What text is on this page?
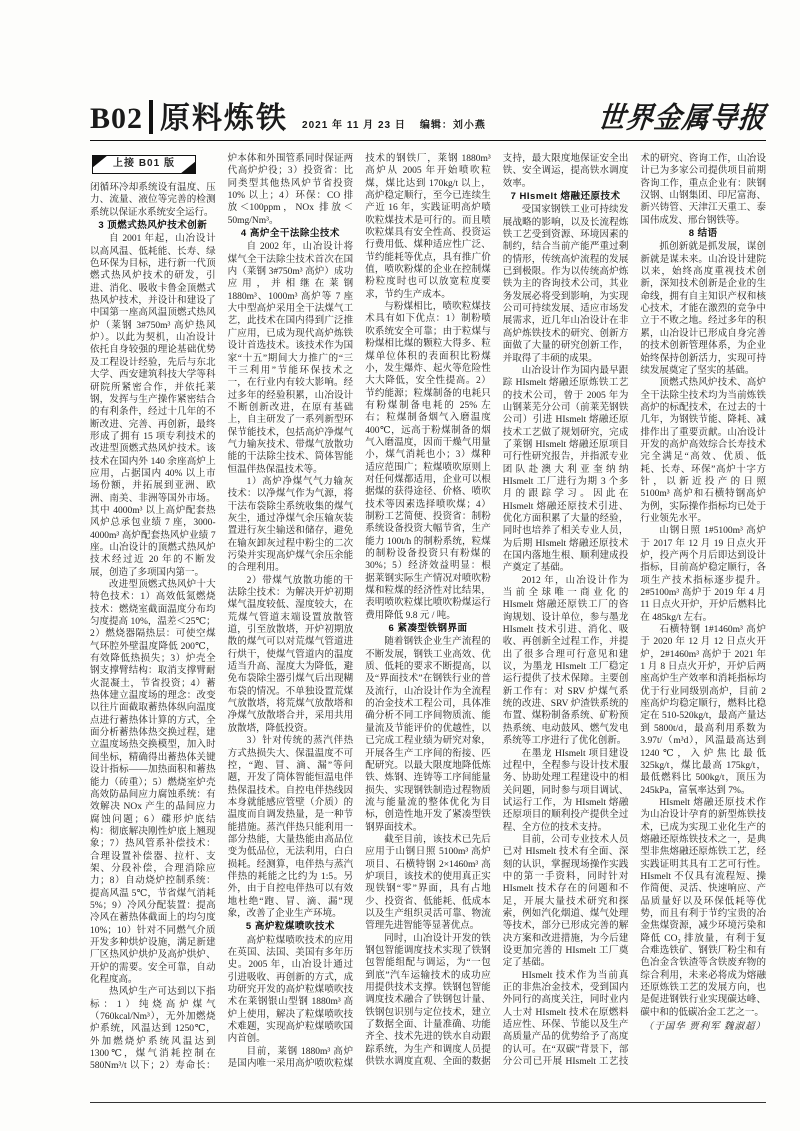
B02 原料炼铁 2021 年 11 月 23 日 编辑：刘小燕	世界金属导报
上接 B01 版

闭循环冷却系统设有温度、压力、流量、液位等完善的检测系统以保证水系统安全运行。

3 顶燃式热风炉技术创新

自 2001 年起，山冶设计以高风温、低耗能、长寿、绿色环保为目标，进行新一代顶燃式热风炉技术的研发，引进、消化、吸收卡鲁金顶燃式热风炉技术，并设计和建设了中国第一座高风温顶燃式热风炉（莱钢 3#750m³ 高炉热风炉）。以此为契机，山冶设计依托自身较强的理论基础优势及工程设计经验，先后与东北大学、西安建筑科技大学等科研院所紧密合作，并依托莱钢，发挥与生产操作紧密结合的有利条件，经过十几年的不断改进、完善、再创新，最终形成了拥有 15 项专利技术的改进型顶燃式热风炉技术。该技术在国内外 140 余座高炉上应用，占据国内 40% 以上市场份额，并拓展到亚洲、欧洲、南美、非洲等国外市场。其中 4000m³ 以上高炉配套热风炉总承包业绩 7 座，3000-4000m³ 高炉配套热风炉业绩 7 座。山冶设计的顶燃式热风炉技术经过近 20 年的不断发展，创造了多项国内第一。

改进型顶燃式热风炉十大特色技术：1）高效低氮燃烧技术：燃烧室截面温度分布均匀度提高 10%，温差＜25℃；2）燃烧器隔热层：可使空煤气环腔外壁温度降低 200℃，有效降低热损失；3）炉壳全钢支撑臂结构：取消支撑臂耐火混凝土，节省投资；4）蓄热体建立温度场的理念：改变以往片面截取蓄热体纵向温度点进行蓄热体计算的方式，全面分析蓄热体热交换过程，建立温度场热交换模型，加入时间坐标，精确得出蓄热体关键设计指标——加热面积和蓄热能力（砖重）；5）燃烧室炉壳高效防晶间应力腐蚀系统：有效解决 NOx 产生的晶间应力腐蚀问题；6）碟形炉底结构：彻底解决刚性炉底上翘现象；7）热风管系补偿技术：合理设置补偿器、拉杆、支架、分段补偿，合理消除应力；8）自动烧炉控制系统：提高风温 5℃，节省煤气消耗 5%；9）冷风分配装置：提高冷风在蓄热体截面上的均匀度 10%；10）针对不同燃气介质开发多种烘炉设施，满足新建厂区热风炉烘炉及高炉烘炉、开炉的需要。安全可靠，自动化程度高。

热风炉生产可达到以下指标：1）纯烧高炉煤气（760kcal/Nm³），无外加燃烧炉系统，风温达到 1250℃，外加燃烧炉系统风温达到 1300℃，煤气消耗控制在 580Nm³/t 以下；2）寿命长：炉本体和外围管系同时保证两代高炉炉役；3）投资省：比同类型其他热风炉节省投资 10% 以上；4）环保：CO 排放＜100ppm，NOx 排放＜50mg/Nm³。

4 高炉全干法除尘技术

自 2002 年，山冶设计将煤气全干法除尘技术首次在国内（莱钢 3#750m³ 高炉）成功应用，并相继在莱钢 1880m³、1000m³ 高炉等 7 座大中型高炉采用全干法煤气工艺，此技术在国内得到广泛推广应用，已成为现代高炉炼铁设计首选技术。该技术作为国家“十五”期间大力推广的“三干三利用”节能环保技术之一，在行业内有较大影响。经过多年的经验积累，山冶设计不断创新改进，在原有基础上，自主研发了一系列新型环保节能技术，包括高炉净煤气气力输灰技术、带煤气放散功能的干法除尘技术、筒体智能恒温伴热保温技术等。

1）高炉净煤气气力输灰技术：以净煤气作为气源，将干法布袋除尘系统收集的煤气灰尘，通过净煤气余压输灰装置进行灰尘输送和储存，避免在输灰卸灰过程中粉尘的二次污染并实现高炉煤气余压余能的合理利用。

2）带煤气放散功能的干法除尘技术：为解决开炉初期煤气温度较低、湿度较大，在荒煤气管道末端设置放散管道，引至放散塔，开炉初期放散的煤气可以对荒煤气管道进行烘干，使煤气管道内的温度适当升高、湿度大为降低，避免布袋除尘器引煤气后出现糊布袋的情况。不单独设置荒煤气放散塔，将荒煤气放散塔和净煤气放散塔合并，采用共用放散塔，降低投资。

3）针对传统的蒸汽伴热方式热损失大、保温温度不可控，“跑、冒、滴、漏”等问题，开发了筒体智能恒温电伴热保温技术。自控电伴热线因本身就能感应管壁（介质）的温度而自调发热量，是一种节能措施。蒸汽伴热只能利用一部分热能，大量热能由高品位变为低品位，无法利用，白白损耗。经测算，电伴热与蒸汽伴热的耗能之比约为 1:5。另外，由于自控电伴热可以有效地杜绝“跑、冒、滴、漏”现象，改善了企业生产环境。

5 高炉粒煤喷吹技术

高炉粒煤喷吹技术的应用在英国、法国、美国有多年历史。2005 年，山冶设计通过引进吸收、再创新的方式，成功研究开发的高炉粒煤喷吹技术在莱钢银山型钢 1880m³ 高炉上使用，解决了粒煤喷吹技术难题，实现高炉粒煤喷吹国内首创。

目前，莱钢 1880m³ 高炉是国内唯一采用高炉喷吹粒煤技术的钢铁厂，莱钢 1880m³ 高炉从 2005 年开始喷吹粒煤，煤比达到 170kg/t 以上，高炉稳定顺行，至今已连续生产近 16 年，实践证明高炉喷吹粒煤技术是可行的。而且喷吹粒煤具有安全性高、投资运行费用低、煤种适应性广泛、节约能耗等优点，具有推广价值，喷吹粉煤的企业在控制煤粉粒度时也可以放宽粒度要求，节约生产成本。

与粉煤相比，喷吹粒煤技术具有如下优点：1）制粉喷吹系统安全可靠；由于粒煤与粉煤相比煤的颗粒大得多、粒煤单位体积的表面积比粉煤小，发生爆炸、起火等危险性大大降低，安全性提高。2）节约能源；粒煤制备的电耗只有粉煤制备电耗的 25% 左右；粒煤制备烟气入磨温度 400℃，远高于粉煤制备的烟气入磨温度，因而干燥气用量小，煤气消耗也小；3）煤种适应范围广；粒煤喷吹原则上对任何煤都适用，企业可以根据煤的获得途径、价格、喷吹技术等因素选择喷吹煤；4）制粉工艺简便、投资省：制粉系统设备投资大幅节省，生产能力 100t/h 的制粉系统，粒煤的制粉设备投资只有粉煤的 30%；5）经济效益明显：根据莱钢实际生产情况对喷吹粉煤和粒煤的经济性对比结果，表明喷吹粒煤比喷吹粉煤运行费用降低 9.8 元 / 吨。

6 紧凑型铁钢界面

随着钢铁企业生产流程的不断发展，钢铁工业高效、优质、低耗的要求不断提高，以及“界面技术”在钢铁行业的普及流行，山冶设计作为全流程的冶金技术工程公司，具体准确分析不同工序间物质流、能量流及节能评价的优越性，以已完成工程业绩为研究对象，开展各生产工序间的衔接、匹配研究。以最大限度地降低炼铁、炼钢、连铸等工序间能量损失、实现钢铁制造过程物质流与能量流的整体优化为目标，创造性地开发了紧凑型铁钢界面技术。

截至目前，该技术已先后应用于山钢日照 5100m³ 高炉项目、石横特钢 2×1460m³ 高炉项目，该技术的使用真正实现铁钢“零”界面，具有占地少、投资省、低能耗、低成本以及生产组织灵活可靠、物流管理先进智能等显著优点。

同时，山冶设计开发的铁钢包智能调度技术实现了铁钢包智能组配与调运，为“一包到底”汽车运输技术的成功应用提供技术支撑。铁钢包智能调度技术融合了铁钢包计量、铁钢包识别与定位技术，建立了数据全面、计量准确、功能齐全、技术先进的铁水自动跟踪系统，为生产和调度人员提供铁水调度直观、全面的数据支持，最大限度地保证安全出铁、安全调运，提高铁水调度效率。

7 HIsmelt 熔融还原技术

受国家钢铁工业可持续发展战略的影响，以及长流程炼铁工艺受到资源、环境因素的制约，结合当前产能严重过剩的情形，传统高炉流程的发展已到极限。作为以传统高炉炼铁为主的咨询技术公司，其业务发展必将受到影响，为实现公司可持续发展、适应市场发展需求，近几年山冶设计在非高炉炼铁技术的研究、创新方面做了大量的研究创新工作，并取得了丰硕的成果。

山冶设计作为国内最早跟踪 HIsmelt 熔融还原炼铁工艺的技术公司，曾于 2005 年为山钢莱芜分公司（前莱芜钢铁公司）引进 HIsmelt 熔融还原技术工艺做了规划研究，完成了莱钢 HIsmelt 熔融还原项目可行性研究报告，并指派专业团队赴澳大利亚奎纳纳 HIsmelt 工厂进行为期 3 个多月的跟踪学习。因此在 HIsmelt 熔融还原技术引进、优化方面积累了大量的经验，同时也培养了相关专业人员，为后期 HIsmelt 熔融还原技术在国内落地生根、顺利建成投产奠定了基础。

2012 年，山冶设计作为当前全球唯一商业化的 HIsmelt 熔融还原铁工厂的咨询规划、设计单位，参与墨龙 HIsmelt 技术引进、消化、吸收、再创新全过程工作，并提出了很多合理可行意见和建议，为墨龙 HIsmelt 工厂稳定运行提供了技术保障。主要创新工作有：对 SRV 炉煤气系统的改进、SRV 炉渣铁系统的布置、煤粉制备系统、矿粉预热系统、电动鼓风、燃气发电系统等工序进行了优化创新。

在墨龙 HIsmelt 项目建设过程中，全程参与设计技术服务、协助处理工程建设中的相关问题，同时参与项目调试、试运行工作，为 HIsmelt 熔融还原项目的顺利投产提供全过程、全方位的技术支持。

目前，公司专业技术人员已对 HIsmelt 技术有全面、深刻的认识，掌握现场操作实践中的第一手资料，同时针对 HIsmelt 技术存在的问题和不足，开展大量技术研究和探索，例如汽化烟道、煤气处理等技术，部分已形成完善的解决方案和改进措施，为今后建设更加完善的 HIsmelt 工厂奠定了基础。

HIsmelt 技术作为当前真正的非焦冶金技术，受到国内外同行的高度关注，同时业内人士对 HIsmelt 技术在原燃料适应性、环保、节能以及生产高质量产品的优势给予了高度的认可。在“双碳”背景下，部分公司已开展 HIsmelt 工艺技术的研究、咨询工作，山冶设计已为多家公司提供项目前期咨询工作，重点企业有：陕钢汉钢、山钢集团、印尼富海、新兴铸管、天津江天重工、泰国伟成发、邢台钢铁等。

8 结语

抓创新就是抓发展，谋创新就是谋未来。山冶设计建院以来，始终高度重视技术创新，深知技术创新是企业的生命线，拥有自主知识产权和核心技术，才能在激烈的竞争中立于不败之地。经过多年的积累，山冶设计已形成自身完善的技术创新管理体系，为企业始终保持创新活力，实现可持续发展奠定了坚实的基础。

顶燃式热风炉技术、高炉全干法除尘技术均为当前炼铁高炉的标配技术，在过去的十几年，为钢铁节能、降耗、减排作出了重要贡献。山冶设计开发的高炉高效综合长寿技术完全满足“高效、优质、低耗、长寿、环保”高炉十字方针，以新近投产的日照 5100m³ 高炉和石横特钢高炉为例，实际操作指标均已处于行业领先水平。

山钢日照 1#5100m³ 高炉于 2017 年 12 月 19 日点火开炉，投产两个月后即达到设计指标，目前高炉稳定顺行，各项生产技术指标逐步提升。2#5100m³ 高炉于 2019 年 4 月 11 日点火开炉，开炉后燃料比在 485kg/t 左右。

石横特钢 1#1460m³ 高炉于 2020 年 12 月 12 日点火开炉，2#1460m³ 高炉于 2021 年 1 月 8 日点火开炉，开炉后两座高炉生产效率和消耗指标均优于行业同级别高炉，目前 2 座高炉均稳定顺行，燃料比稳定在 510-520kg/t，最高产量达到 5800t/d，最高利用系数为 3.97t/（m³d），风温最高达到 1240℃，入炉焦比最低 325kg/t，煤比最高 175kg/t，最低燃料比 500kg/t，顶压为 245kPa，富氧率达到 7%。

HIsmelt 熔融还原技术作为山冶设计孕育的新型炼铁技术，已成为实现工业化生产的熔融还原炼铁技术之一，是典型非焦熔融还原炼铁工艺，经实践证明其具有工艺可行性。HIsmelt 不仅具有流程短、操作简便、灵活、快速响应、产品质量好以及环保低耗等优势，而且有利于节约宝贵的冶金焦煤资源，减少环境污染和降低 CO₂ 排放量，有利于复合难选铁矿、钢铁厂粉尘和有色冶金含铁渣等含铁废弃物的综合利用，未来必将成为熔融还原炼铁工艺的发展方向，也是促进钢铁行业实现碳达峰、碳中和的低碳冶金工艺之一。

（于国华 贾利军 魏淑超）
